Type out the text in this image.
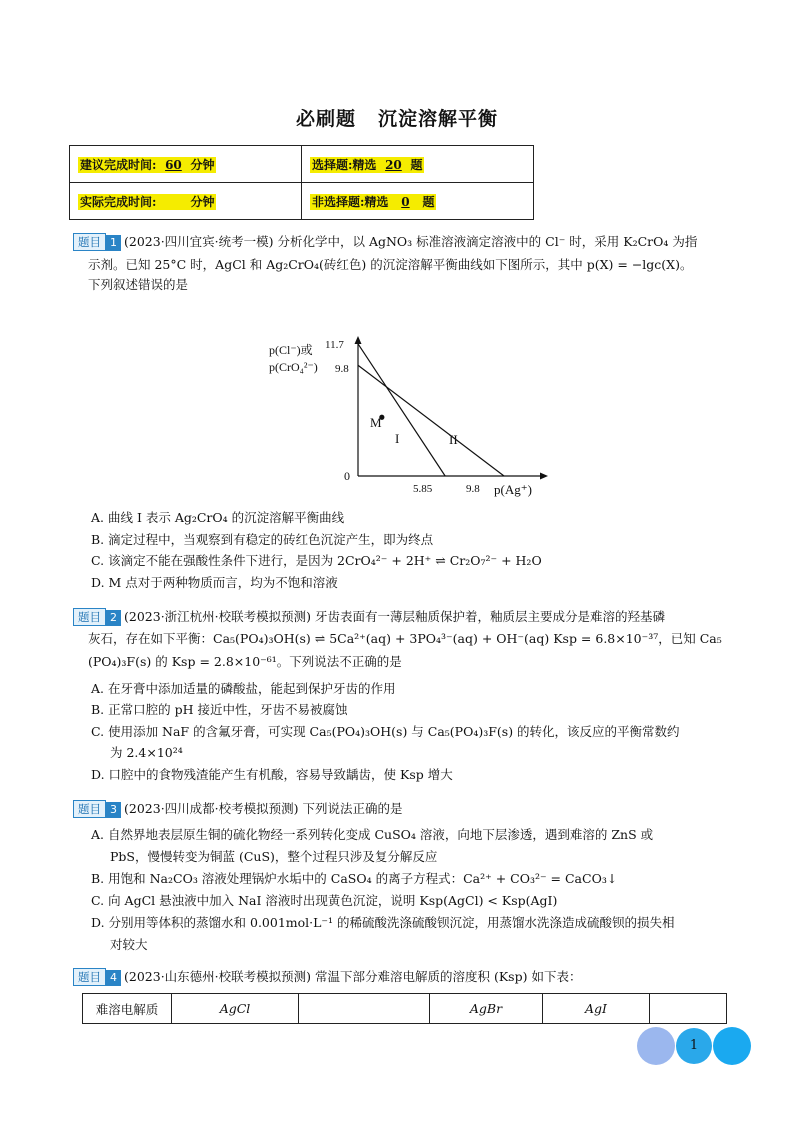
必刷题 沉淀溶解平衡
建议完成时间: 60 分钟	选择题:精选 20 题
实际完成时间: 分钟	非选择题:精选 0 题
题目 1 (2023·四川宜宾·统考一模) 分析化学中，以 AgNO₃ 标准溶液滴定溶液中的 Cl⁻ 时，采用 K₂CrO₄ 为指
示剂。已知 25°C 时，AgCl 和 Ag₂CrO₄(砖红色) 的沉淀溶解平衡曲线如下图所示，其中 p(X) = −lgc(X)。
下列叙述错误的是
p(Cl⁻)或
p(CrO₄²⁻)
11.7
9.8
0
5.85	9.8 p(Ag⁺)
M
I	II
A. 曲线 I 表示 Ag₂CrO₄ 的沉淀溶解平衡曲线
B. 滴定过程中，当观察到有稳定的砖红色沉淀产生，即为终点
C. 该滴定不能在强酸性条件下进行，是因为 2CrO₄²⁻ + 2H⁺ ⇌ Cr₂O₇²⁻ + H₂O
D. M 点对于两种物质而言，均为不饱和溶液
题目 2 (2023·浙江杭州·校联考模拟预测) 牙齿表面有一薄层釉质保护着，釉质层主要成分是难溶的羟基磷
灰石，存在如下平衡：Ca₅(PO₄)₃OH(s) ⇌ 5Ca²⁺(aq) + 3PO₄³⁻(aq) + OH⁻(aq) Ksp = 6.8×10⁻³⁷，已知 Ca₅
(PO₄)₃F(s) 的 Ksp = 2.8×10⁻⁶¹。下列说法不正确的是
A. 在牙膏中添加适量的磷酸盐，能起到保护牙齿的作用
B. 正常口腔的 pH 接近中性，牙齿不易被腐蚀
C. 使用添加 NaF 的含氟牙膏，可实现 Ca₅(PO₄)₃OH(s) 与 Ca₅(PO₄)₃F(s) 的转化，该反应的平衡常数约
为 2.4×10²⁴
D. 口腔中的食物残渣能产生有机酸，容易导致龋齿，使 Ksp 增大
题目 3 (2023·四川成都·校考模拟预测) 下列说法正确的是
A. 自然界地表层原生铜的硫化物经一系列转化变成 CuSO₄ 溶液，向地下层渗透，遇到难溶的 ZnS 或
PbS，慢慢转变为铜蓝 (CuS)，整个过程只涉及复分解反应
B. 用饱和 Na₂CO₃ 溶液处理锅炉水垢中的 CaSO₄ 的离子方程式：Ca²⁺ + CO₃²⁻ = CaCO₃↓
C. 向 AgCl 悬浊液中加入 NaI 溶液时出现黄色沉淀，说明 Ksp(AgCl) < Ksp(AgI)
D. 分别用等体积的蒸馏水和 0.001mol·L⁻¹ 的稀硫酸洗涤硫酸钡沉淀，用蒸馏水洗涤造成硫酸钡的损失相
对较大
题目 4 (2023·山东德州·校联考模拟预测) 常温下部分难溶电解质的溶度积 (Ksp) 如下表：
难溶电解质	AgCl		AgBr	AgI	
1
